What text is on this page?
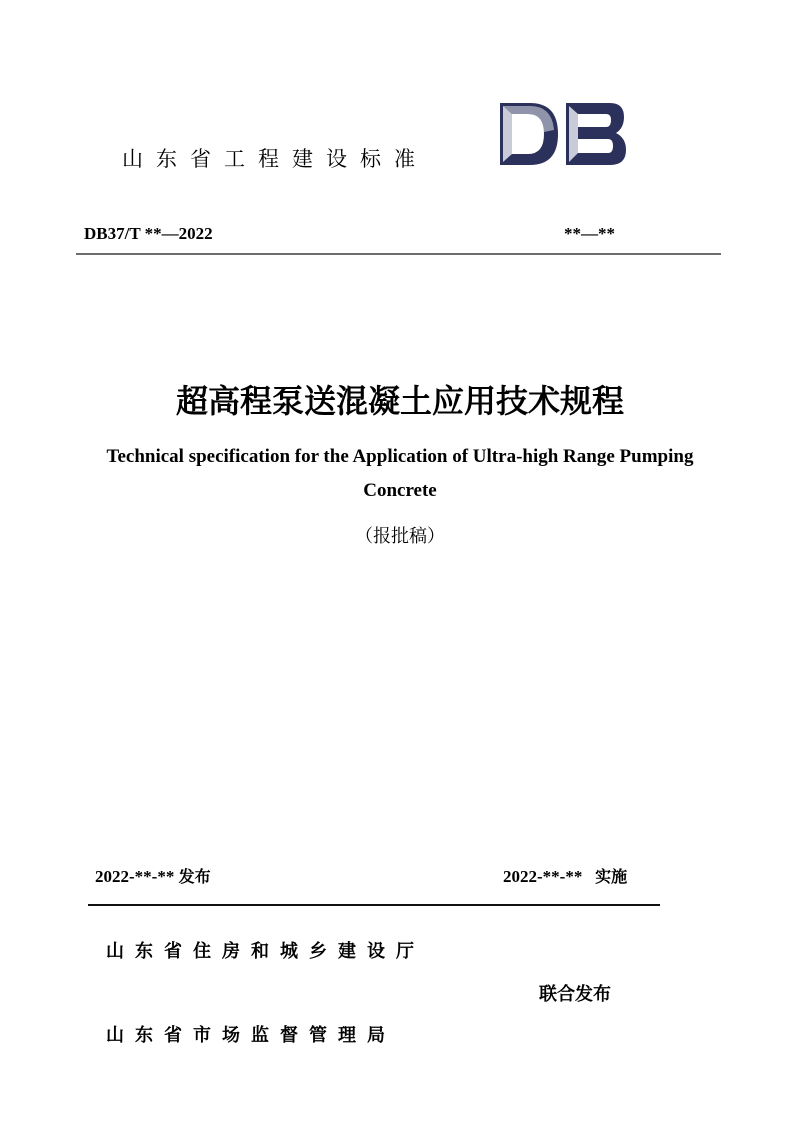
山东省工程建设标准
DB37/T **—2022	**—**
超高程泵送混凝土应用技术规程
Technical specification for the Application of Ultra-high Range Pumping
Concrete
（报批稿）
2022-**-** 发布	2022-**-** 实施
山东省住房和城乡建设厅
联合发布
山东省市场监督管理局
